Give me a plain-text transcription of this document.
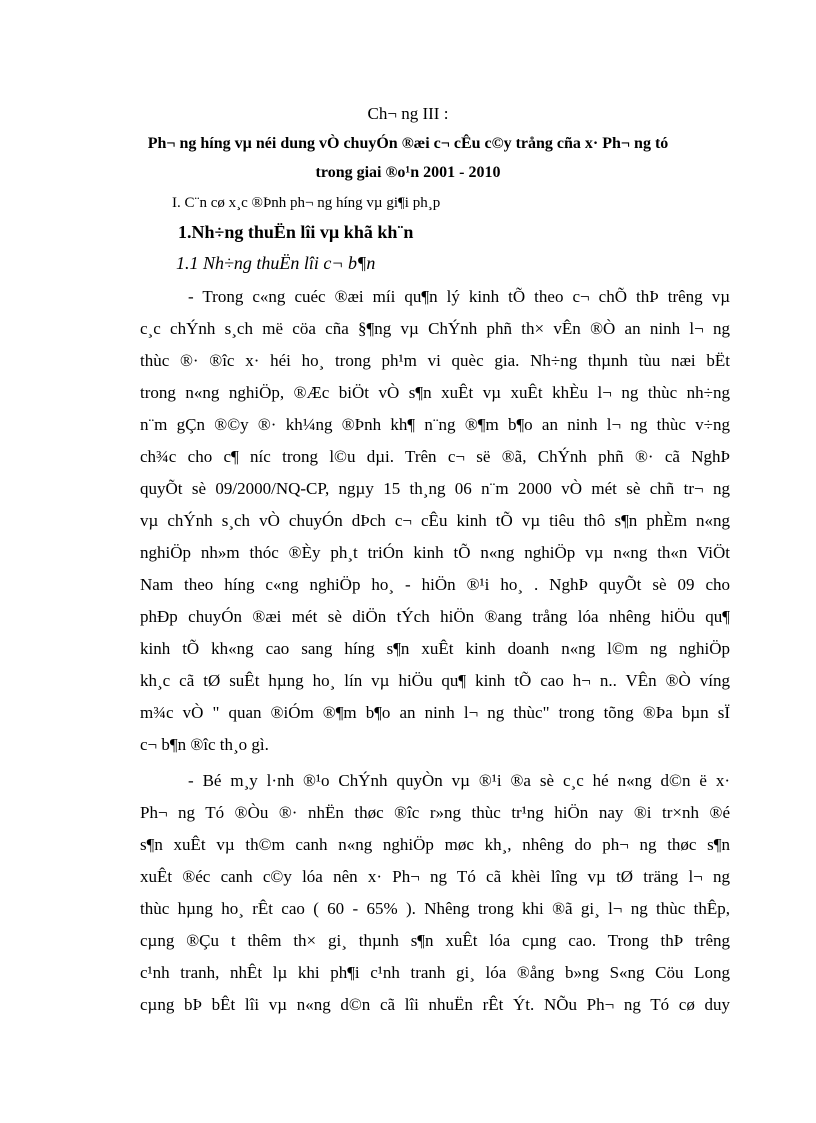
Ch¬ ng III :
Ph¬ ng híng vµ néi dung vÒ chuyÓn ®æi c¬ cÊu c©y trång cña x· Ph¬ ng tó
trong giai ®o¹n 2001 - 2010
I. C¨n cø x¸c ®Þnh ph¬ ng híng vµ gi¶i ph¸p
1.Nh÷ng thuËn lîi vµ khã kh¨n
1.1 Nh÷ng thuËn lîi c¬ b¶n
- Trong c«ng cuéc ®æi míi qu¶n lý kinh tÕ theo c¬ chÕ thÞ trêng vµ
c¸c chÝnh s¸ch më cöa cña §¶ng vµ ChÝnh phñ th× vÊn ®Ò an ninh l¬ ng
thùc ®· ®îc x· héi ho¸ trong ph¹m vi quèc gia. Nh÷ng thµnh tùu næi bËt
trong n«ng nghiÖp, ®Æc biÖt vÒ s¶n xuÊt vµ xuÊt khÈu l¬ ng thùc nh÷ng
n¨m gÇn ®©y ®· kh¼ng ®Þnh kh¶ n¨ng ®¶m b¶o an ninh l¬ ng thùc v÷ng
ch¾c cho c¶ níc trong l©u dµi. Trên c¬ së ®ã, ChÝnh phñ ®· cã NghÞ
quyÕt sè 09/2000/NQ-CP, ngµy 15 th¸ng 06 n¨m 2000 vÒ mét sè chñ tr¬ ng
vµ chÝnh s¸ch vÒ chuyÓn dÞch c¬ cÊu kinh tÕ vµ tiêu thô s¶n phÈm n«ng
nghiÖp nh»m thóc ®Èy ph¸t triÓn kinh tÕ n«ng nghiÖp vµ n«ng th«n ViÖt
Nam theo híng c«ng nghiÖp ho¸ - hiÖn ®¹i ho¸ . NghÞ quyÕt sè 09 cho
phÐp chuyÓn ®æi mét sè diÖn tÝch hiÖn ®ang trång lóa nhêng hiÖu qu¶
kinh tÕ kh«ng cao sang híng s¶n xuÊt kinh doanh n«ng l©m ng nghiÖp
kh¸c cã tØ suÊt hµng ho¸ lín vµ hiÖu qu¶ kinh tÕ cao h¬ n.. VÊn ®Ò víng
m¾c vÒ " quan ®iÓm ®¶m b¶o an ninh l¬ ng thùc" trong tõng ®Þa bµn sÏ
c¬ b¶n ®îc th¸o gì.
- Bé m¸y l·nh ®¹o ChÝnh quyÒn vµ ®¹i ®a sè c¸c hé n«ng d©n ë x·
Ph¬ ng Tó ®Òu ®· nhËn thøc ®îc r»ng thùc tr¹ng hiÖn nay ®i tr×nh ®é
s¶n xuÊt vµ th©m canh n«ng nghiÖp møc kh¸, nhêng do ph¬ ng thøc s¶n
xuÊt ®éc canh c©y lóa nên x· Ph¬ ng Tó cã khèi lîng vµ tØ träng l¬ ng
thùc hµng ho¸ rÊt cao ( 60 - 65% ). Nhêng trong khi ®ã gi¸ l¬ ng thùc thÊp,
cµng ®Çu t thêm th× gi¸ thµnh s¶n xuÊt lóa cµng cao. Trong thÞ trêng
c¹nh tranh, nhÊt lµ khi ph¶i c¹nh tranh gi¸ lóa ®ång b»ng S«ng Cöu Long
cµng bÞ bÊt lîi vµ n«ng d©n cã lîi nhuËn rÊt Ýt. NÕu Ph¬ ng Tó cø duy
